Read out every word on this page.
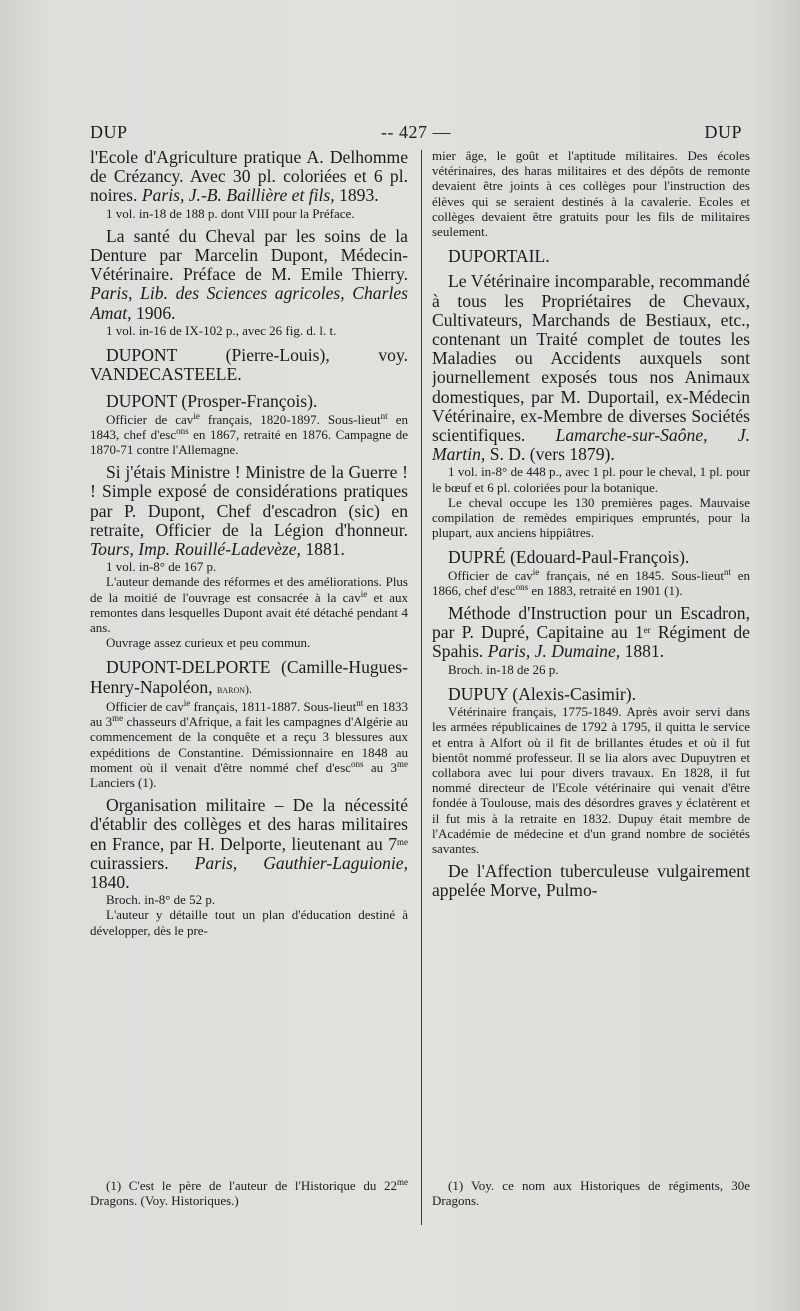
DUP	-- 427 —	DUP

l'Ecole d'Agriculture pratique A. Delhomme de Crézancy. Avec 30 pl. coloriées et 6 pl. noires. Paris, J.-B. Baillière et fils, 1893.

1 vol. in-18 de 188 p. dont VIII pour la Préface.

La santé du Cheval par les soins de la Denture par Marcelin Dupont, Médecin-Vétérinaire. Préface de M. Emile Thierry. Paris, Lib. des Sciences agricoles, Charles Amat, 1906.

1 vol. in-16 de IX-102 p., avec 26 fig. d. l. t.

DUPONT (Pierre-Louis), voy. VANDECASTEELE.

DUPONT (Prosper-François).

Officier de cav$^{ie}$ français, 1820-1897. Sous-lieut$^{nt}$ en 1843, chef d'esc$^{ons}$ en 1867, retraité en 1876. Campagne de 1870-71 contre l'Allemagne.

Si j'étais Ministre ! Ministre de la Guerre ! ! Simple exposé de considérations pratiques par P. Dupont, Chef d'escadron (sic) en retraite, Officier de la Légion d'honneur. Tours, Imp. Rouillé-Ladevèze, 1881.

1 vol. in-8° de 167 p.

L'auteur demande des réformes et des améliorations. Plus de la moitié de l'ouvrage est consacrée à la cav$^{ie}$ et aux remontes dans lesquelles Dupont avait été détaché pendant 4 ans.

Ouvrage assez curieux et peu commun.

DUPONT-DELPORTE (Camille-Hugues-Henry-Napoléon, baron).

Officier de cav$^{ie}$ français, 1811-1887. Sous-lieut$^{nt}$ en 1833 au $3^{me}$ chasseurs d'Afrique, a fait les campagnes d'Algérie au commencement de la conquête et a reçu 3 blessures aux expéditions de Constantine. Démissionnaire en 1848 au moment où il venait d'être nommé chef d'esc$^{ons}$ au $3^{me}$ Lanciers (1).

Organisation militaire – De la nécessité d'établir des collèges et des haras militaires en France, par H. Delporte, lieutenant au $7^{me}$ cuirassiers. Paris, Gauthier-Laguionie, 1840.

Broch. in-8° de 52 p.

L'auteur y détaille tout un plan d'éducation destiné à développer, dès le pre-

(1) C'est le père de l'auteur de l'Historique du $22^{me}$ Dragons. (Voy. Historiques.)

mier âge, le goût et l'aptitude militaires. Des écoles vétérinaires, des haras militaires et des dépôts de remonte devaient être joints à ces collèges pour l'instruction des élèves qui se seraient destinés à la cavalerie. Ecoles et collèges devaient être gratuits pour les fils de militaires seulement.

DUPORTAIL.

Le Vétérinaire incomparable, recommandé à tous les Propriétaires de Chevaux, Cultivateurs, Marchands de Bestiaux, etc., contenant un Traité complet de toutes les Maladies ou Accidents auxquels sont journellement exposés tous nos Animaux domestiques, par M. Duportail, ex-Médecin Vétérinaire, ex-Membre de diverses Sociétés scientifiques. Lamarche-sur-Saône, J. Martin, S. D. (vers 1879).

1 vol. in-8° de 448 p., avec 1 pl. pour le cheval, 1 pl. pour le bœuf et 6 pl. coloriées pour la botanique.

Le cheval occupe les 130 premières pages. Mauvaise compilation de remèdes empiriques empruntés, pour la plupart, aux anciens hippiâtres.

DUPRÉ (Edouard-Paul-François).

Officier de cav$^{ie}$ français, né en 1845. Sous-lieut$^{nt}$ en 1866, chef d'esc$^{ons}$ en 1883, retraité en 1901 (1).

Méthode d'Instruction pour un Escadron, par P. Dupré, Capitaine au 1er Régiment de Spahis. Paris, J. Dumaine, 1881.

Broch. in-18 de 26 p.

DUPUY (Alexis-Casimir).

Vétérinaire français, 1775-1849. Après avoir servi dans les armées républicaines de 1792 à 1795, il quitta le service et entra à Alfort où il fit de brillantes études et où il fut bientôt nommé professeur. Il se lia alors avec Dupuytren et collabora avec lui pour divers travaux. En 1828, il fut nommé directeur de l'Ecole vétérinaire qui venait d'être fondée à Toulouse, mais des désordres graves y éclatèrent et il fut mis à la retraite en 1832. Dupuy était membre de l'Académie de médecine et d'un grand nombre de sociétés savantes.

De l'Affection tuberculeuse vulgairement appelée Morve, Pulmo-

(1) Voy. ce nom aux Historiques de régiments, 30e Dragons.
